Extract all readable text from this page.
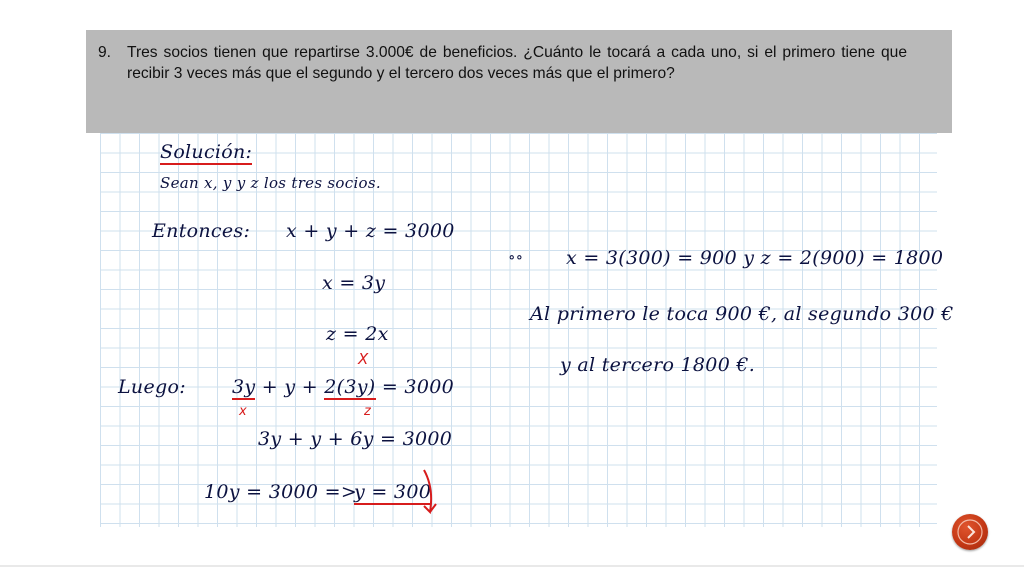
9. Tres socios tienen que repartirse 3.000€ de beneficios. ¿Cuánto le tocará a cada uno, si el primero tiene que recibir 3 veces más que el segundo y el tercero dos veces más que el primero?
Solución:
Sean x, y y z los tres socios.
Entonces: x + y + z = 3000
x = 3y
z = 2x
Luego:
X
3y + y + 2(3y) = 3000
x	z
3y + y + 6y = 3000
10y = 3000 =>
y = 300
∘∘ x = 3(300) = 900 y z = 2(900) = 1800
Al primero le toca 900 €, al segundo 300 €
y al tercero 1800 €.
